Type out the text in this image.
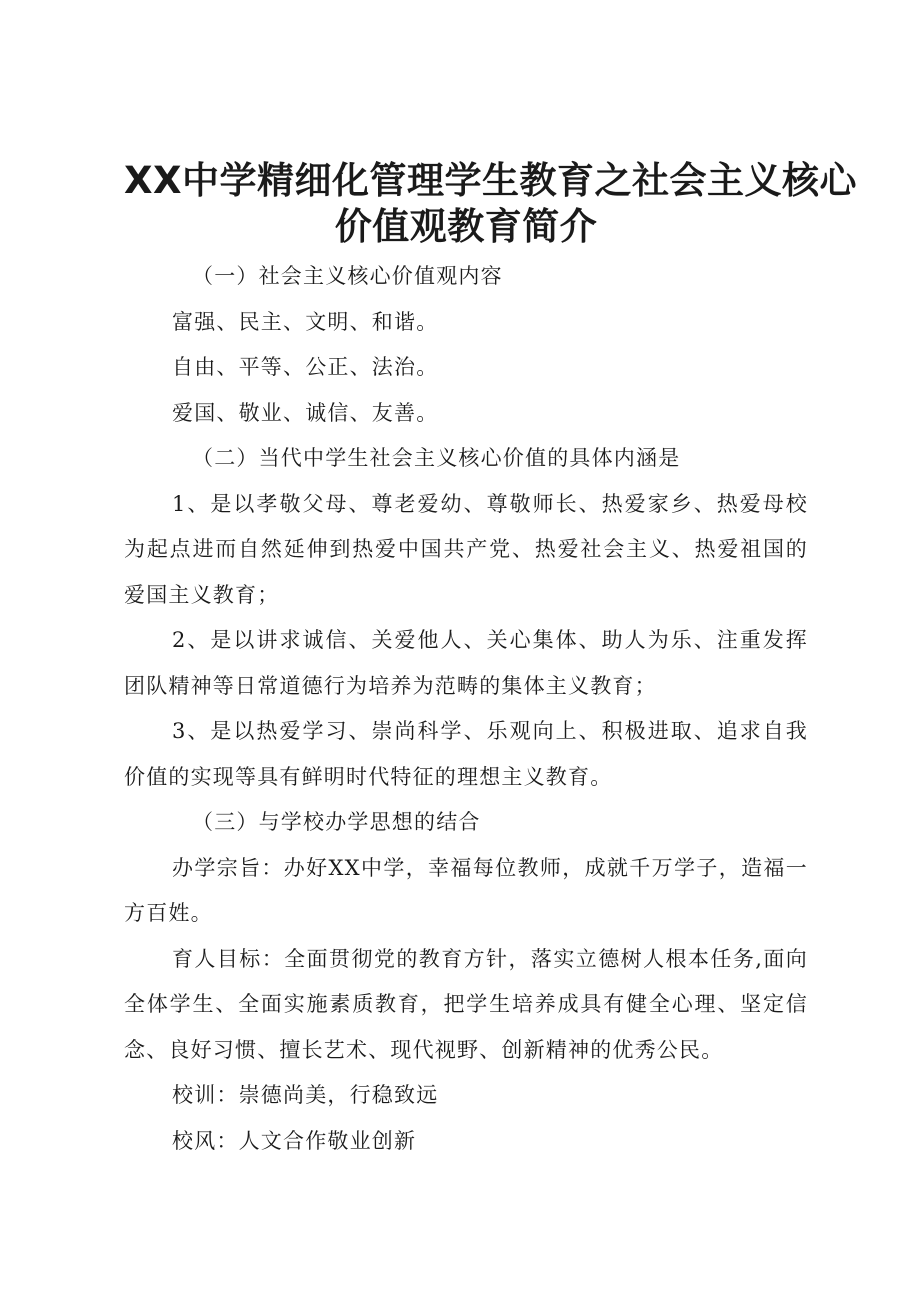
XX中学精细化管理学生教育之社会主义核心
价值观教育简介

（一）社会主义核心价值观内容

富强、民主、文明、和谐。

自由、平等、公正、法治。

爱国、敬业、诚信、友善。

（二）当代中学生社会主义核心价值的具体内涵是

1、是以孝敬父母、尊老爱幼、尊敬师长、热爱家乡、热爱母校为起点进而自然延伸到热爱中国共产党、热爱社会主义、热爱祖国的爱国主义教育；

2、是以讲求诚信、关爱他人、关心集体、助人为乐、注重发挥团队精神等日常道德行为培养为范畴的集体主义教育；

3、是以热爱学习、崇尚科学、乐观向上、积极进取、追求自我价值的实现等具有鲜明时代特征的理想主义教育。

（三）与学校办学思想的结合

办学宗旨：办好XX中学，幸福每位教师，成就千万学子，造福一方百姓。

育人目标：全面贯彻党的教育方针，落实立德树人根本任务,面向全体学生、全面实施素质教育，把学生培养成具有健全心理、坚定信念、良好习惯、擅长艺术、现代视野、创新精神的优秀公民。

校训：崇德尚美，行稳致远

校风：人文合作敬业创新
